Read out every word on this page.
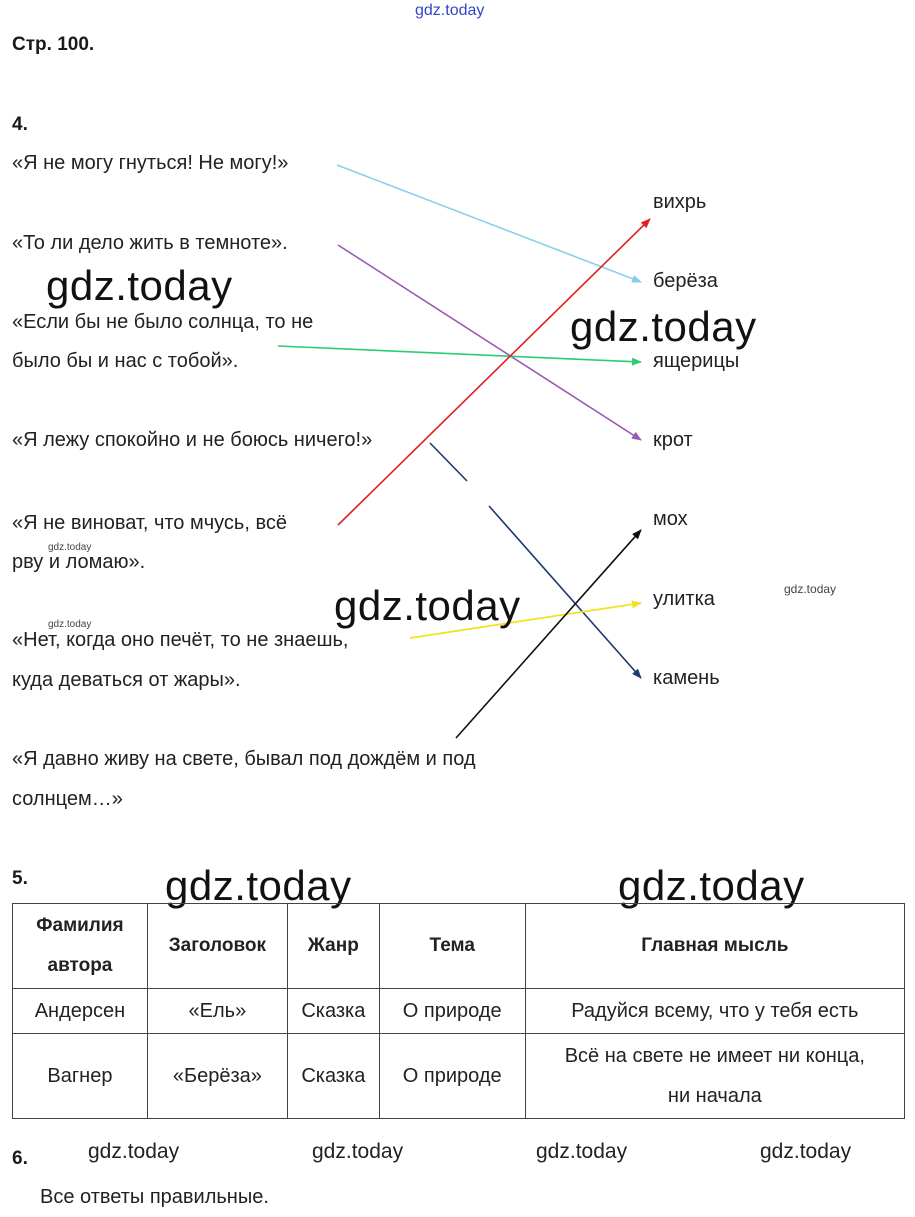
gdz.today
Стр. 100.
4.
«Я не могу гнуться! Не могу!»
«То ли дело жить в темноте».
«Если бы не было солнца, то не
было бы и нас с тобой».
«Я лежу спокойно и не боюсь ничего!»
«Я не виноват, что мчусь, всё
рву и ломаю».
«Нет, когда оно печёт, то не знаешь,
куда деваться от жары».
«Я давно живу на свете, бывал под дождём и под
солнцем…»
вихрь
берёза
ящерицы
крот
мох
улитка
камень
gdz.today
gdz.today
gdz.today
gdz.today
gdz.today
gdz.today
5.	gdz.today	gdz.today
Фамилия
автора	Заголовок	Жанр	Тема	Главная мысль
Андерсен	«Ель»	Сказка	О природе	Радуйся всему, что у тебя есть
Вагнер	«Берёза»	Сказка	О природе	Всё на свете не имеет ни конца,
ни начала
6.	gdz.today	gdz.today	gdz.today	gdz.today
Все ответы правильные.
